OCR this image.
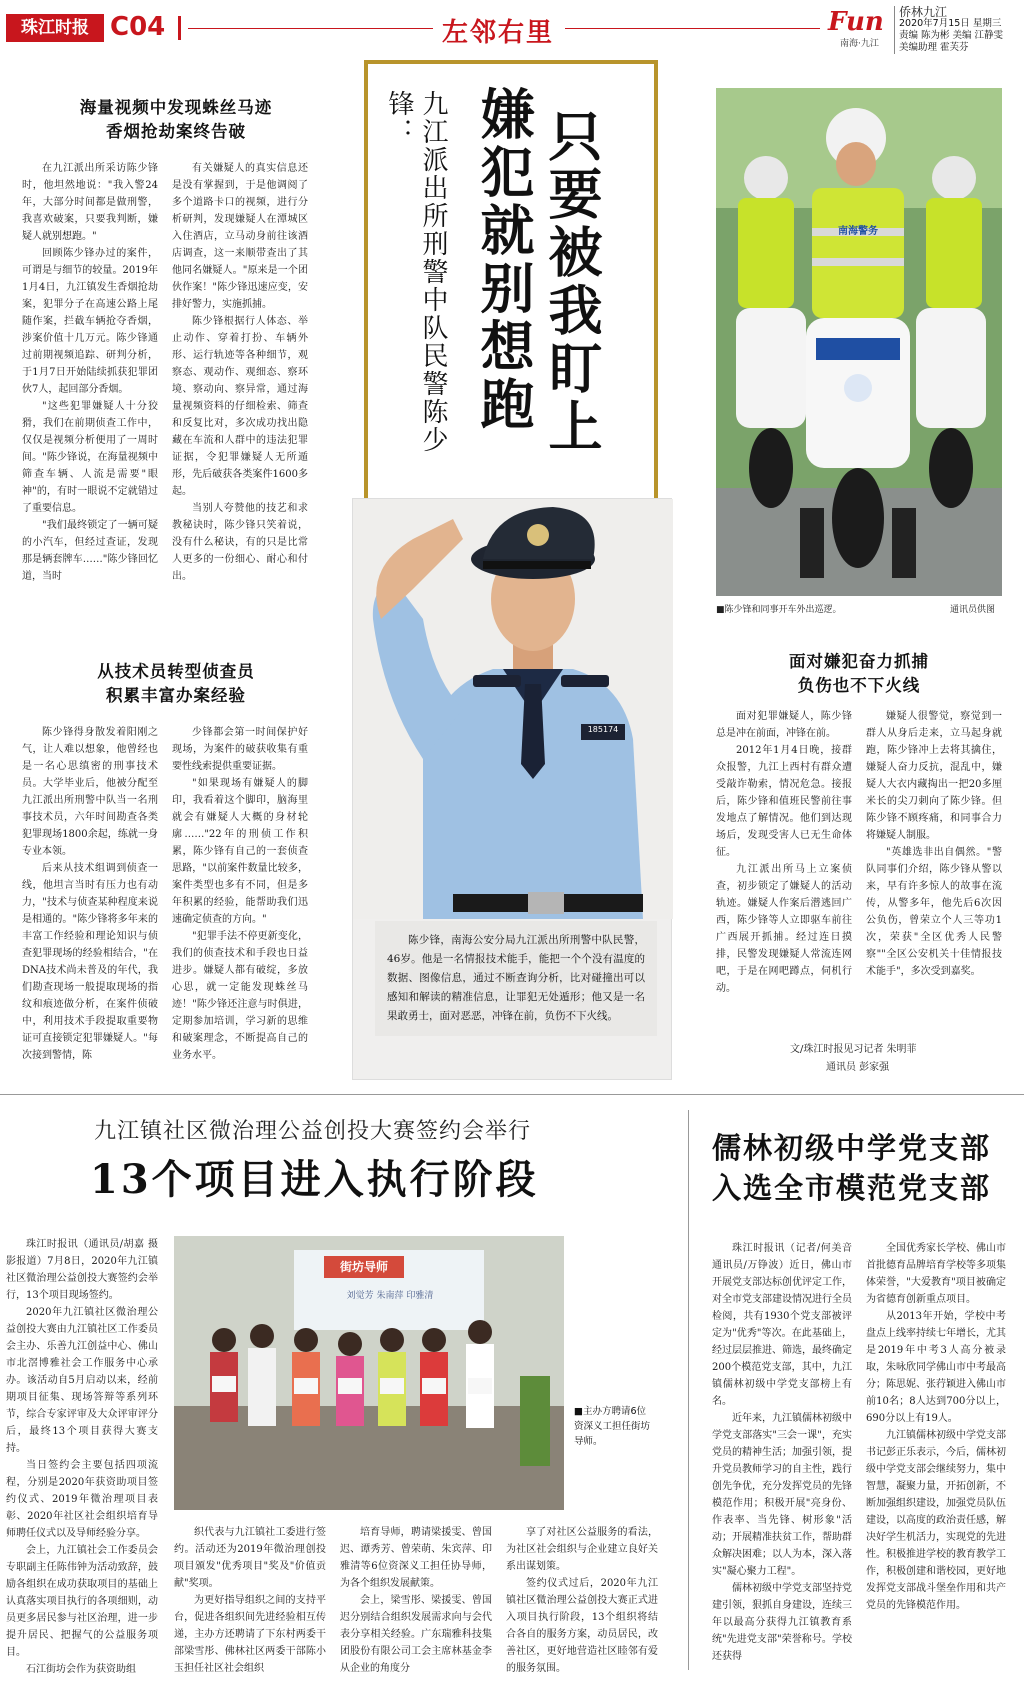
珠江时报 C04	左邻右里	Fun
南海·九江
侨林九江
2020年7月15日 星期三
责编 陈为彬 美编 江静雯
美编助理 霍芙芬
海量视频中发现蛛丝马迹
香烟抢劫案终告破

在九江派出所采访陈少锋时，他坦然地说："我入警24年，大部分时间都是做刑警，我喜欢破案，只要我判断，嫌疑人就别想跑。"

回顾陈少锋办过的案件，可谓是与细节的较量。2019年1月4日，九江镇发生香烟抢劫案，犯罪分子在高速公路上尾随作案，拦截车辆抢夺香烟，涉案价值十几万元。陈少锋通过前期视频追踪、研判分析，于1月7日开始陆续抓获犯罪团伙7人，起回部分香烟。

"这些犯罪嫌疑人十分狡猾，我们在前期侦查工作中，仅仅是视频分析便用了一周时间。"陈少锋说，在海量视频中筛查车辆、人流是需要"眼神"的，有时一眼说不定就错过了重要信息。

"我们最终锁定了一辆可疑的小汽车，但经过查证，发现那是辆套牌车……"陈少锋回忆道，当时

有关嫌疑人的真实信息还是没有掌握到，于是他调阅了多个道路卡口的视频，进行分析研判，发现嫌疑人在潭城区入住酒店，立马动身前往该酒店调查，这一来顺带查出了其他同名嫌疑人。"原来是一个团伙作案！"陈少锋迅速应变，安排好警力，实施抓捕。

陈少锋根据行人体态、举止动作、穿着打扮、车辆外形、运行轨迹等各种细节，观察态、观动作、观细态、察环境、察动向、察异常，通过海量视频资料的仔细检索、筛查和反复比对，多次成功找出隐藏在车流和人群中的违法犯罪证据，令犯罪嫌疑人无所遁形，先后破获各类案件1600多起。

当别人夸赞他的技艺和求教秘诀时，陈少锋只笑着说，没有什么秘诀，有的只是比常人更多的一份细心、耐心和付出。

从技术员转型侦查员
积累丰富办案经验

陈少锋得身散发着阳刚之气，让人难以想象，他曾经也是一名心思缜密的刑事技术员。大学毕业后，他被分配至九江派出所刑警中队当一名刑事技术员，六年时间勘查各类犯罪现场1800余起，练就一身专业本领。

后来从技术组调到侦查一线，他坦言当时有压力也有动力，"技术与侦查某种程度来说是相通的。"陈少锋将多年来的丰富工作经验和理论知识与侦查犯罪现场的经验相结合，"在DNA技术尚未普及的年代，我们勘查现场一般提取现场的指纹和痕迹做分析，在案件侦破中，利用技术手段提取重要物证可直接锁定犯罪嫌疑人。"每次接到警情，陈

少锋都会第一时间保护好现场，为案件的破获收集有重要性线索提供重要证据。

"如果现场有嫌疑人的脚印，我看着这个脚印，脑海里就会有嫌疑人大概的身材轮廓……"22年的刑侦工作积累，陈少锋有自己的一套侦查思路，"以前案件数量比较多，案件类型也多有不同，但是多年积累的经验，能帮助我们迅速确定侦查的方向。"

"犯罪手法不停更新变化，我们的侦查技术和手段也日益进步。嫌疑人都有破绽，多放心思，就一定能发现蛛丝马迹！"陈少锋还注意与时俱进，定期参加培训，学习新的思维和破案理念，不断提高自己的业务水平。

只要被我盯上
嫌犯就别想跑
九江派出所刑警中队民警陈少锋：
185174
陈少锋，南海公安分局九江派出所刑警中队民警，46岁。他是一名情报技术能手，能把一个个没有温度的数据、图像信息，通过不断查询分析，比对碰撞出可以感知和解读的精准信息，让罪犯无处遁形；他又是一名果敢勇士，面对恶恶，冲锋在前，负伤不下火线。
南海警务
■陈少锋和同事开车外出巡逻。	通讯员供图
面对嫌犯奋力抓捕
负伤也不下火线

面对犯罪嫌疑人，陈少锋总是冲在前面，冲锋在前。

2012年1月4日晚，接群众报警，九江上西村有群众遭受敲诈勒索，情况危急。接报后，陈少锋和值班民警前往事发地点了解情况。他们到达现场后，发现受害人已无生命体征。

九江派出所马上立案侦查，初步锁定了嫌疑人的活动轨迹。嫌疑人作案后潜逃回广西，陈少锋等人立即驱车前往广西展开抓捕。经过连日摸排，民警发现嫌疑人常流连网吧，于是在网吧蹲点，伺机行动。

嫌疑人很警觉，察觉到一群人从身后走来，立马起身就跑，陈少锋冲上去将其擒住，嫌疑人奋力反抗，混乱中，嫌疑人大衣内藏掏出一把20多厘米长的尖刀刺向了陈少锋。但陈少锋不顾疼痛，和同事合力将嫌疑人制服。

"英雄选非出自偶然。"警队同事们介绍，陈少锋从警以来，早有许多惊人的故事在流传，从警多年，他先后6次因公负伤，曾荣立个人三等功1次，荣获"全区优秀人民警察""全区公安机关十佳情报技术能手"，多次受到嘉奖。

文/珠江时报见习记者 朱明菲
通讯员 彭家强
九江镇社区微治理公益创投大赛签约会举行
13个项目进入执行阶段

珠江时报讯（通讯员/胡嘉 摄影报道）7月8日，2020年九江镇社区微治理公益创投大赛签约会举行，13个项目现场签约。

2020年九江镇社区微治理公益创投大赛由九江镇社区工作委员会主办、乐善九江创益中心、佛山市北滘博雅社会工作服务中心承办。该活动自5月启动以来，经前期项目征集、现场答辩等系列环节，综合专家评审及大众评审评分后，最终13个项目获得大赛支持。

当日签约会主要包括四项流程，分别是2020年获资助项目签约仪式、2019年微治理项目表彰、2020年社区社会组织培育导师聘任仪式以及导师经验分享。

会上，九江镇社会工作委员会专职副主任陈伟钟为活动致辞，鼓励各组织在成功获取项目的基础上认真落实项目执行的各项细则，动员更多居民参与社区治理，进一步提升居民、把握气的公益服务项目。

石江街坊会作为获资助组

街坊导师
刘觉芳 朱南萍 印雅清
■主办方聘请6位资深义工担任街坊导师。

织代表与九江镇社工委进行签约。活动还为2019年微治理创投项目颁发"优秀项目"奖及"价值贡献"奖项。

为更好指导组织之间的支持平台，促进各组织间先进经验相互传递，主办方还聘请了下东村两委干部梁雪彤、佛林社区两委干部陈小玉担任社区社会组织

培育导师，聘请梁援雯、曾国迟、谭秀芳、曾荣萌、朱宾萍、印雅清等6位资深义工担任协导师，为各个组织发展献策。

会上，梁雪彤、梁援雯、曾国迟分别结合组织发展需求向与会代表分享相关经验。广东瑞雅科技集团股份有限公司工会主席林基金李从企业的角度分

享了对社区公益服务的看法，为社区社会组织与企业建立良好关系出谋划策。

签约仪式过后，2020年九江镇社区微治理公益创投大赛正式进入项目执行阶段，13个组织将结合各自的服务方案，动员居民，改善社区，更好地营造社区睦邻有爱的服务氛围。

儒林初级中学党支部
入选全市模范党支部

珠江时报讯（记者/何美音 通讯员/万铮波）近日，佛山市开展党支部达标创优评定工作，对全市党支部建设情况进行全员检阅，共有1930个党支部被评定为"优秀"等次。在此基础上，经过层层推进、筛选，最终确定200个模范党支部，其中，九江镇儒林初级中学党支部榜上有名。

近年来，九江镇儒林初级中学党支部落实"三会一课"，充实党员的精神生活；加强引领，提升党员教师学习的自主性，践行创先争优，充分发挥党员的先锋模范作用；积极开展"亮身份、作表率、当先锋、树形象"活动；开展精准扶贫工作，帮助群众解决困难；以人为本，深入落实"凝心聚力工程"。

儒林初级中学党支部坚持党建引领，狠抓自身建设，连续三年以最高分获得九江镇教育系统"先进党支部"荣誉称号。学校还获得

全国优秀家长学校、佛山市首批德育品牌培育学校等多项集体荣誉，"大爱教育"项目被确定为省德育创新重点项目。

从2013年开始，学校中考盘点上线率持续七年增长，尤其是2019年中考3人高分被录取，朱咏欣同学佛山市中考最高分；陈思妮、张荇颖进入佛山市前10名；8人达到700分以上，690分以上有19人。

九江镇儒林初级中学党支部书记彭正乐表示，今后，儒林初级中学党支部会继续努力，集中智慧，凝聚力量，开拓创新，不断加强组织建设，加强党员队伍建设，以高度的政治责任感，解决好学生机活力，实现党的先进性。积极推进学校的教育教学工作，积极创建和谐校园，更好地发挥党支部战斗堡垒作用和共产党员的先锋模范作用。
